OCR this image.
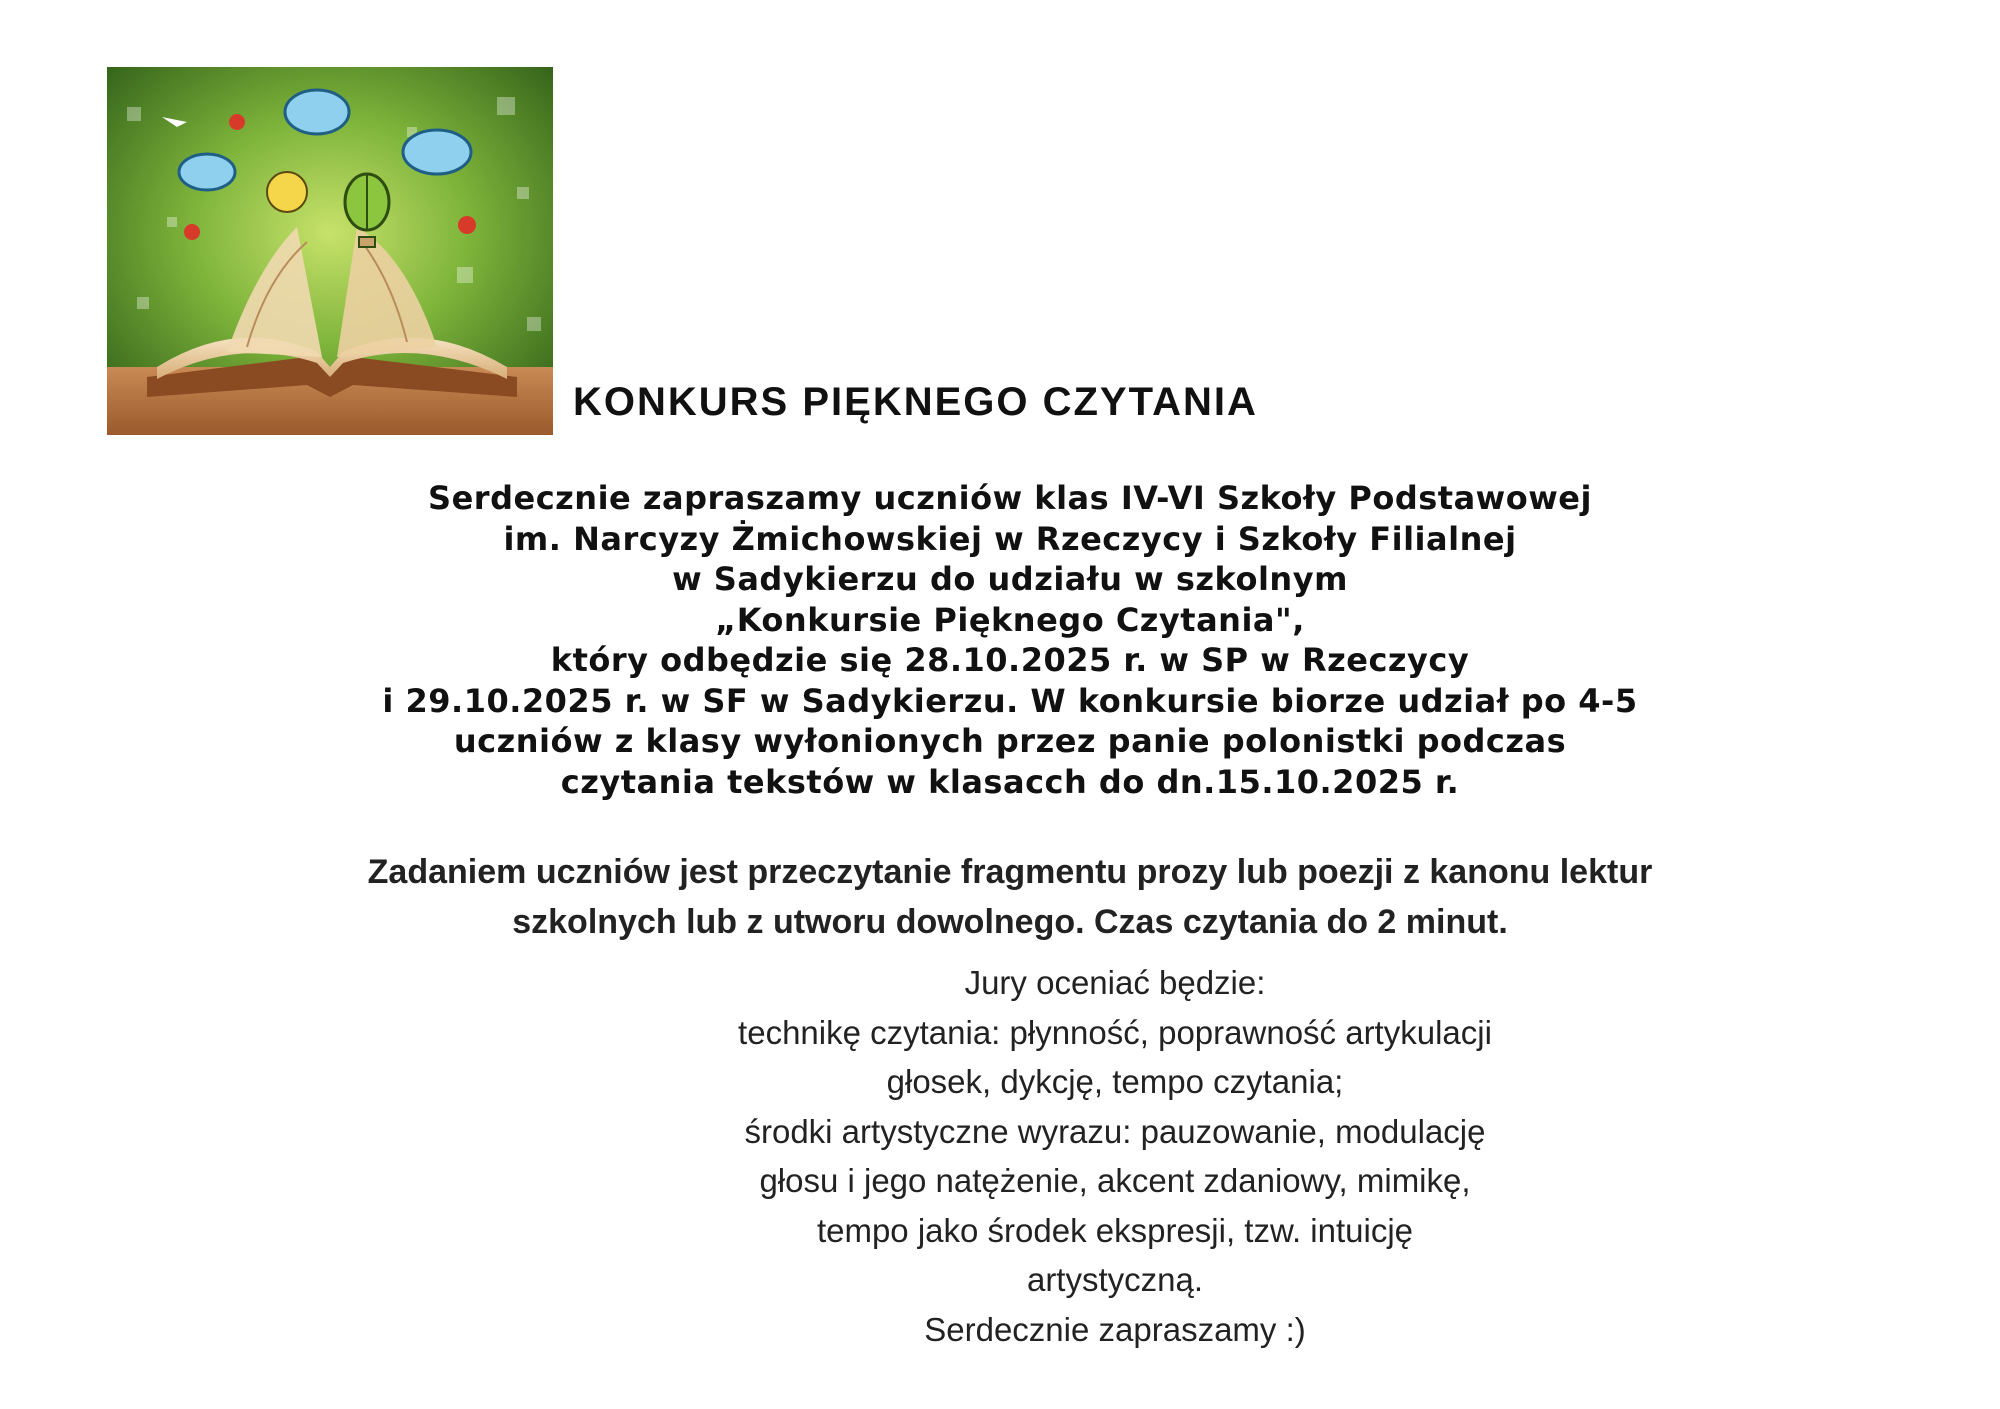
KONKURS PIĘKNEGO CZYTANIA
Serdecznie zapraszamy uczniów klas IV-VI Szkoły Podstawowej
im. Narcyzy Żmichowskiej w Rzeczycy i Szkoły Filialnej
w Sadykierzu do udziału w szkolnym
„Konkursie Pięknego Czytania",
który odbędzie się 28.10.2025 r. w SP w Rzeczycy
i 29.10.2025 r. w SF w Sadykierzu. W konkursie biorze udział po 4-5
uczniów z klasy wyłonionych przez panie polonistki podczas
czytania tekstów w klasacch do dn.15.10.2025 r.
Zadaniem uczniów jest przeczytanie fragmentu prozy lub poezji z kanonu lektur
szkolnych lub z utworu dowolnego. Czas czytania do 2 minut.
Jury oceniać będzie:
technikę czytania: płynność, poprawność artykulacji
głosek, dykcję, tempo czytania;
środki artystyczne wyrazu: pauzowanie, modulację
głosu i jego natężenie, akcent zdaniowy, mimikę,
tempo jako środek ekspresji, tzw. intuicję
artystyczną.
Serdecznie zapraszamy :)
